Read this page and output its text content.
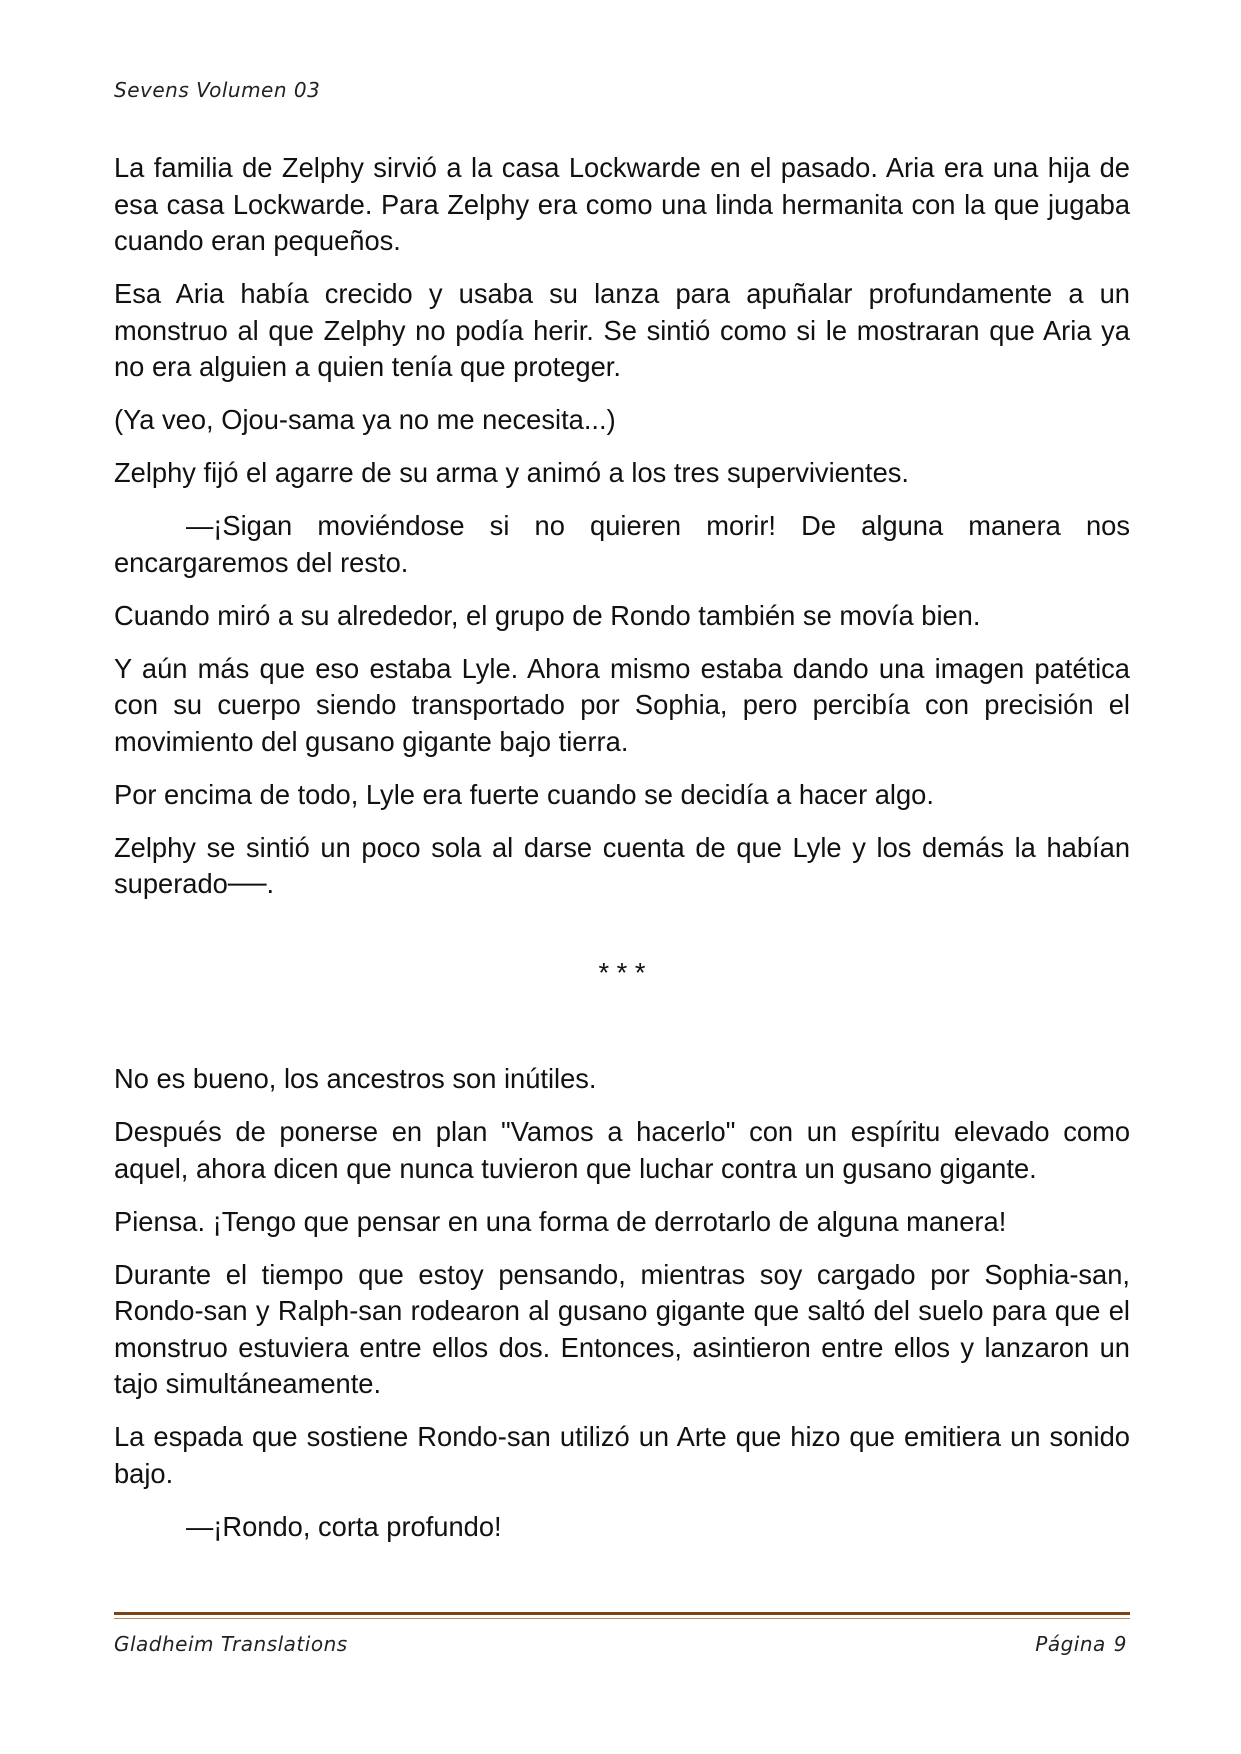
Sevens Volumen 03

La familia de Zelphy sirvió a la casa Lockwarde en el pasado. Aria era una hija de esa casa Lockwarde. Para Zelphy era como una linda hermanita con la que jugaba cuando eran pequeños.

Esa Aria había crecido y usaba su lanza para apuñalar profundamente a un monstruo al que Zelphy no podía herir. Se sintió como si le mostraran que Aria ya no era alguien a quien tenía que proteger.

(Ya veo, Ojou-sama ya no me necesita...)

Zelphy fijó el agarre de su arma y animó a los tres supervivientes.

—¡Sigan moviéndose si no quieren morir! De alguna manera nos encargaremos del resto.

Cuando miró a su alrededor, el grupo de Rondo también se movía bien.

Y aún más que eso estaba Lyle. Ahora mismo estaba dando una imagen patética con su cuerpo siendo transportado por Sophia, pero percibía con precisión el movimiento del gusano gigante bajo tierra.

Por encima de todo, Lyle era fuerte cuando se decidía a hacer algo.

Zelphy se sintió un poco sola al darse cuenta de que Lyle y los demás la habían superado──.

* * *

No es bueno, los ancestros son inútiles.

Después de ponerse en plan "Vamos a hacerlo" con un espíritu elevado como aquel, ahora dicen que nunca tuvieron que luchar contra un gusano gigante.

Piensa. ¡Tengo que pensar en una forma de derrotarlo de alguna manera!

Durante el tiempo que estoy pensando, mientras soy cargado por Sophia-san, Rondo-san y Ralph-san rodearon al gusano gigante que saltó del suelo para que el monstruo estuviera entre ellos dos. Entonces, asintieron entre ellos y lanzaron un tajo simultáneamente.

La espada que sostiene Rondo-san utilizó un Arte que hizo que emitiera un sonido bajo.

—¡Rondo, corta profundo!

Gladheim Translations	Página 9
